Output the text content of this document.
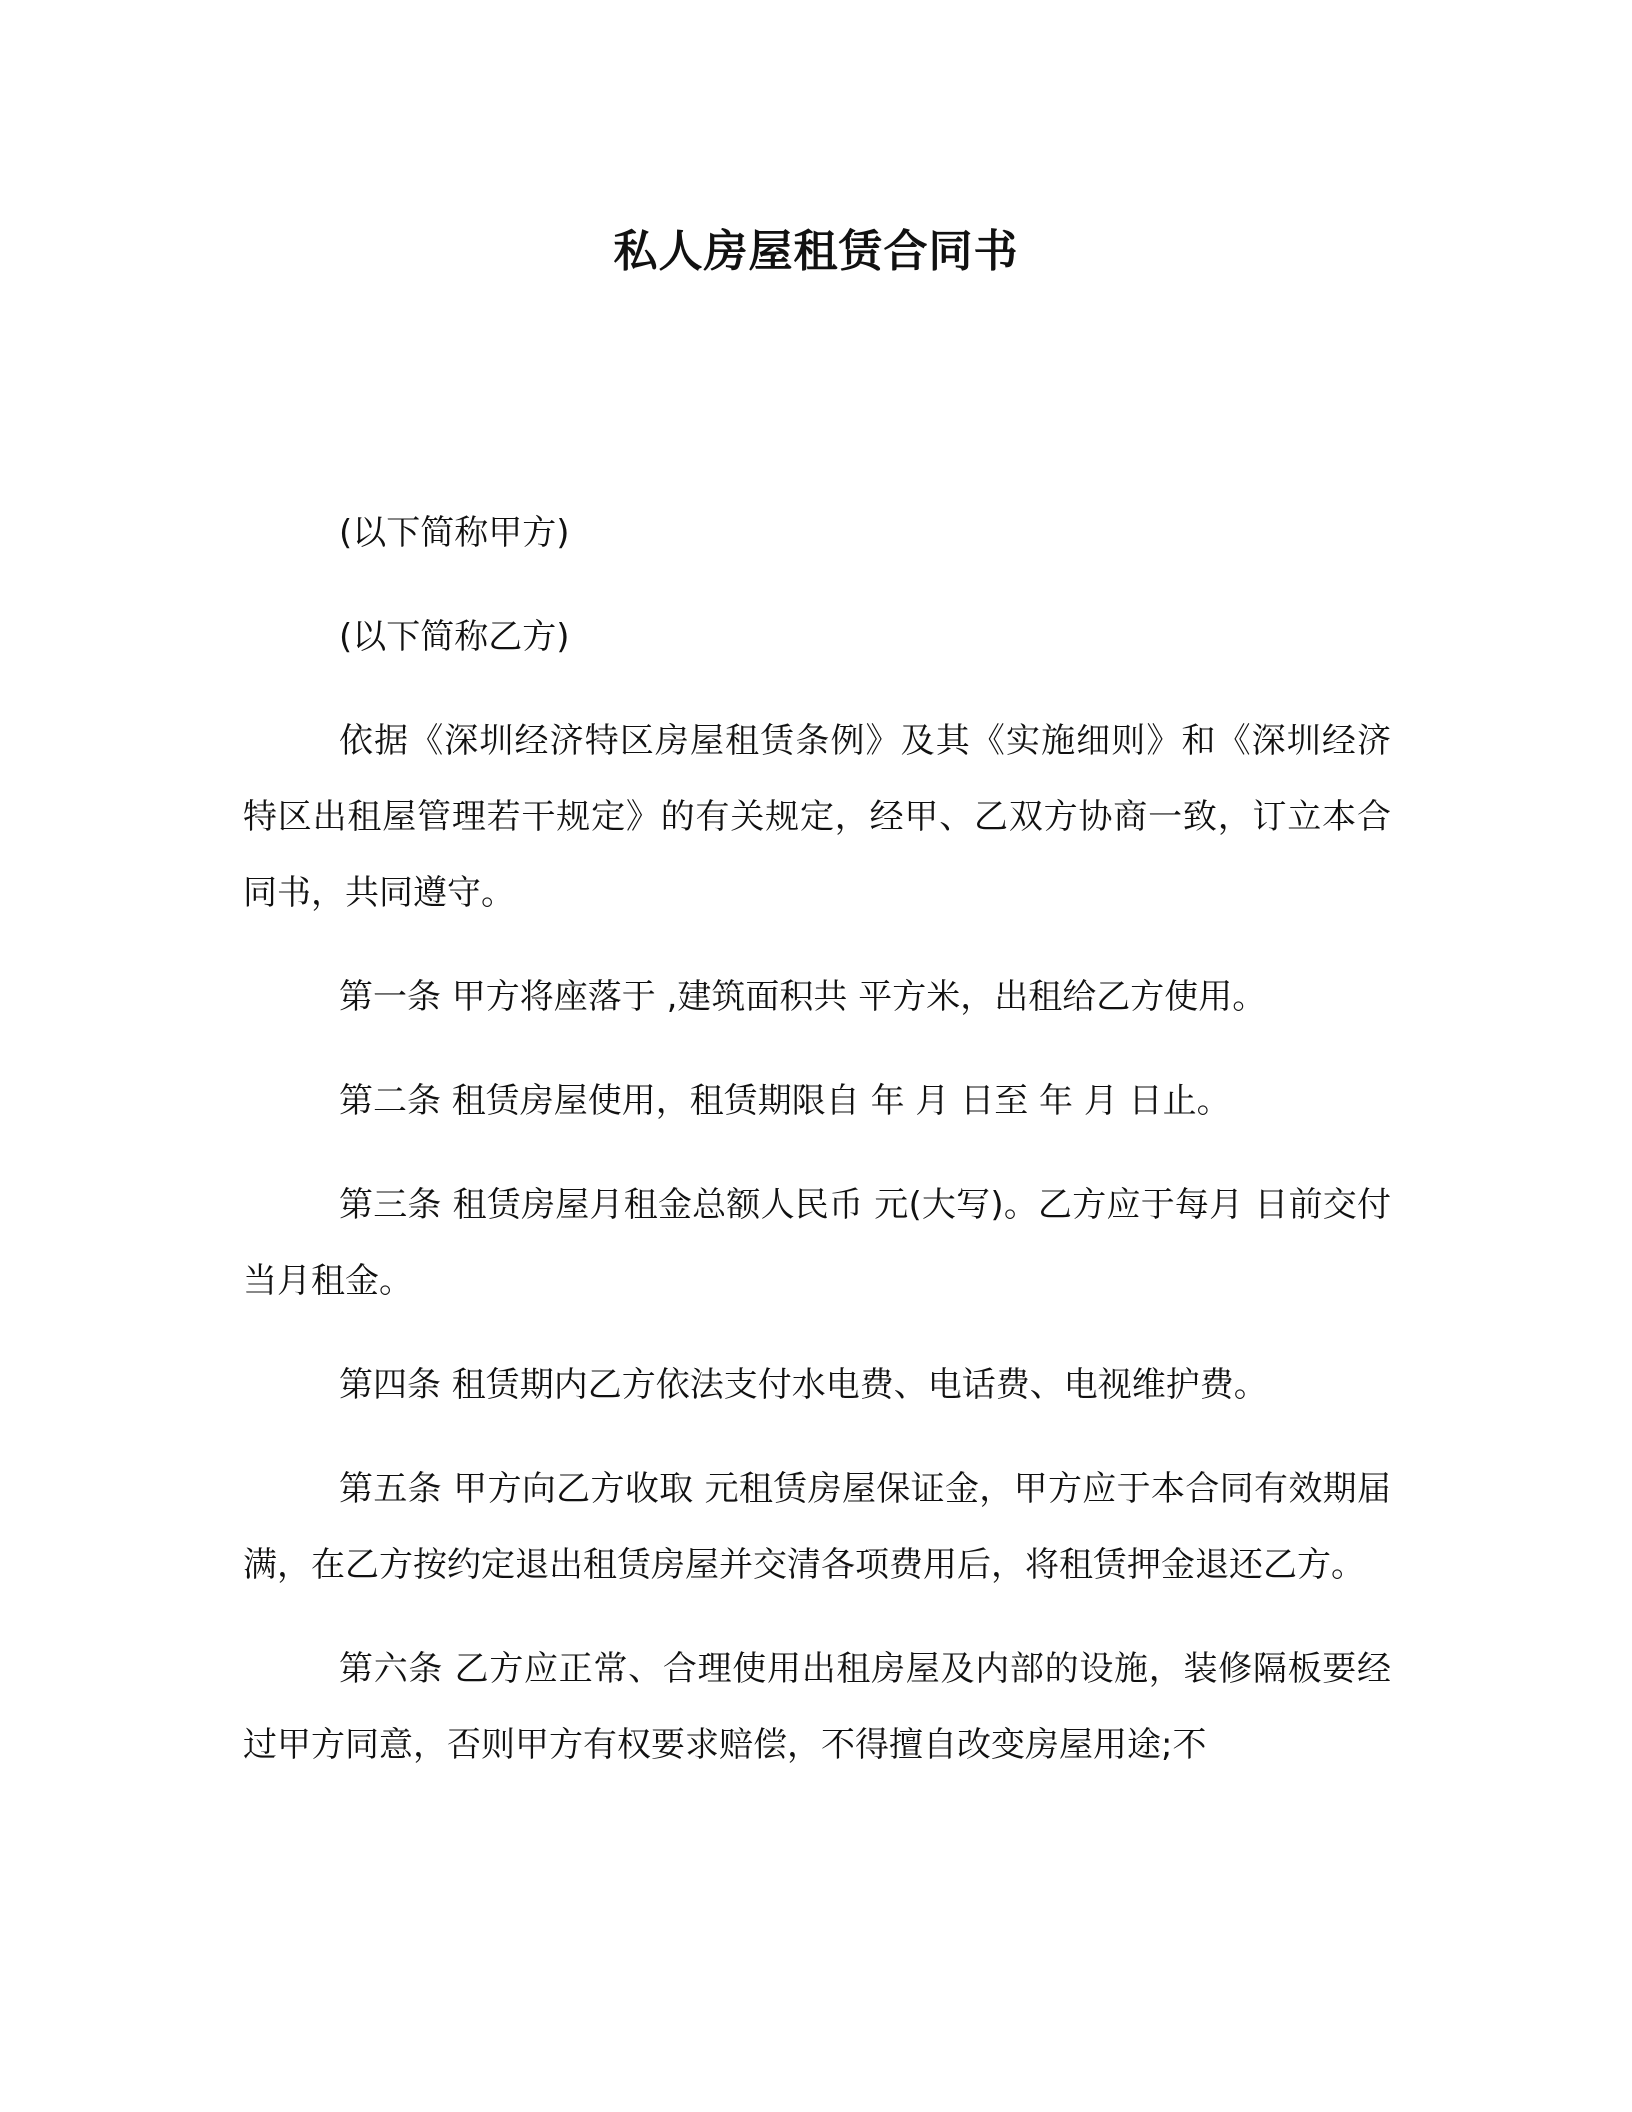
私人房屋租赁合同书

(以下简称甲方)

(以下简称乙方)

依据《深圳经济特区房屋租赁条例》及其《实施细则》和《深圳经济特区出租屋管理若干规定》的有关规定，经甲、乙双方协商一致，订立本合同书，共同遵守。

第一条 甲方将座落于 ,建筑面积共 平方米，出租给乙方使用。

第二条 租赁房屋使用，租赁期限自 年 月 日至 年 月 日止。

第三条 租赁房屋月租金总额人民币 元(大写)。乙方应于每月 日前交付当月租金。

第四条 租赁期内乙方依法支付水电费、电话费、电视维护费。

第五条 甲方向乙方收取 元租赁房屋保证金，甲方应于本合同有效期届满，在乙方按约定退出租赁房屋并交清各项费用后，将租赁押金退还乙方。

第六条 乙方应正常、合理使用出租房屋及内部的设施，装修隔板要经过甲方同意，否则甲方有权要求赔偿，不得擅自改变房屋用途;不
